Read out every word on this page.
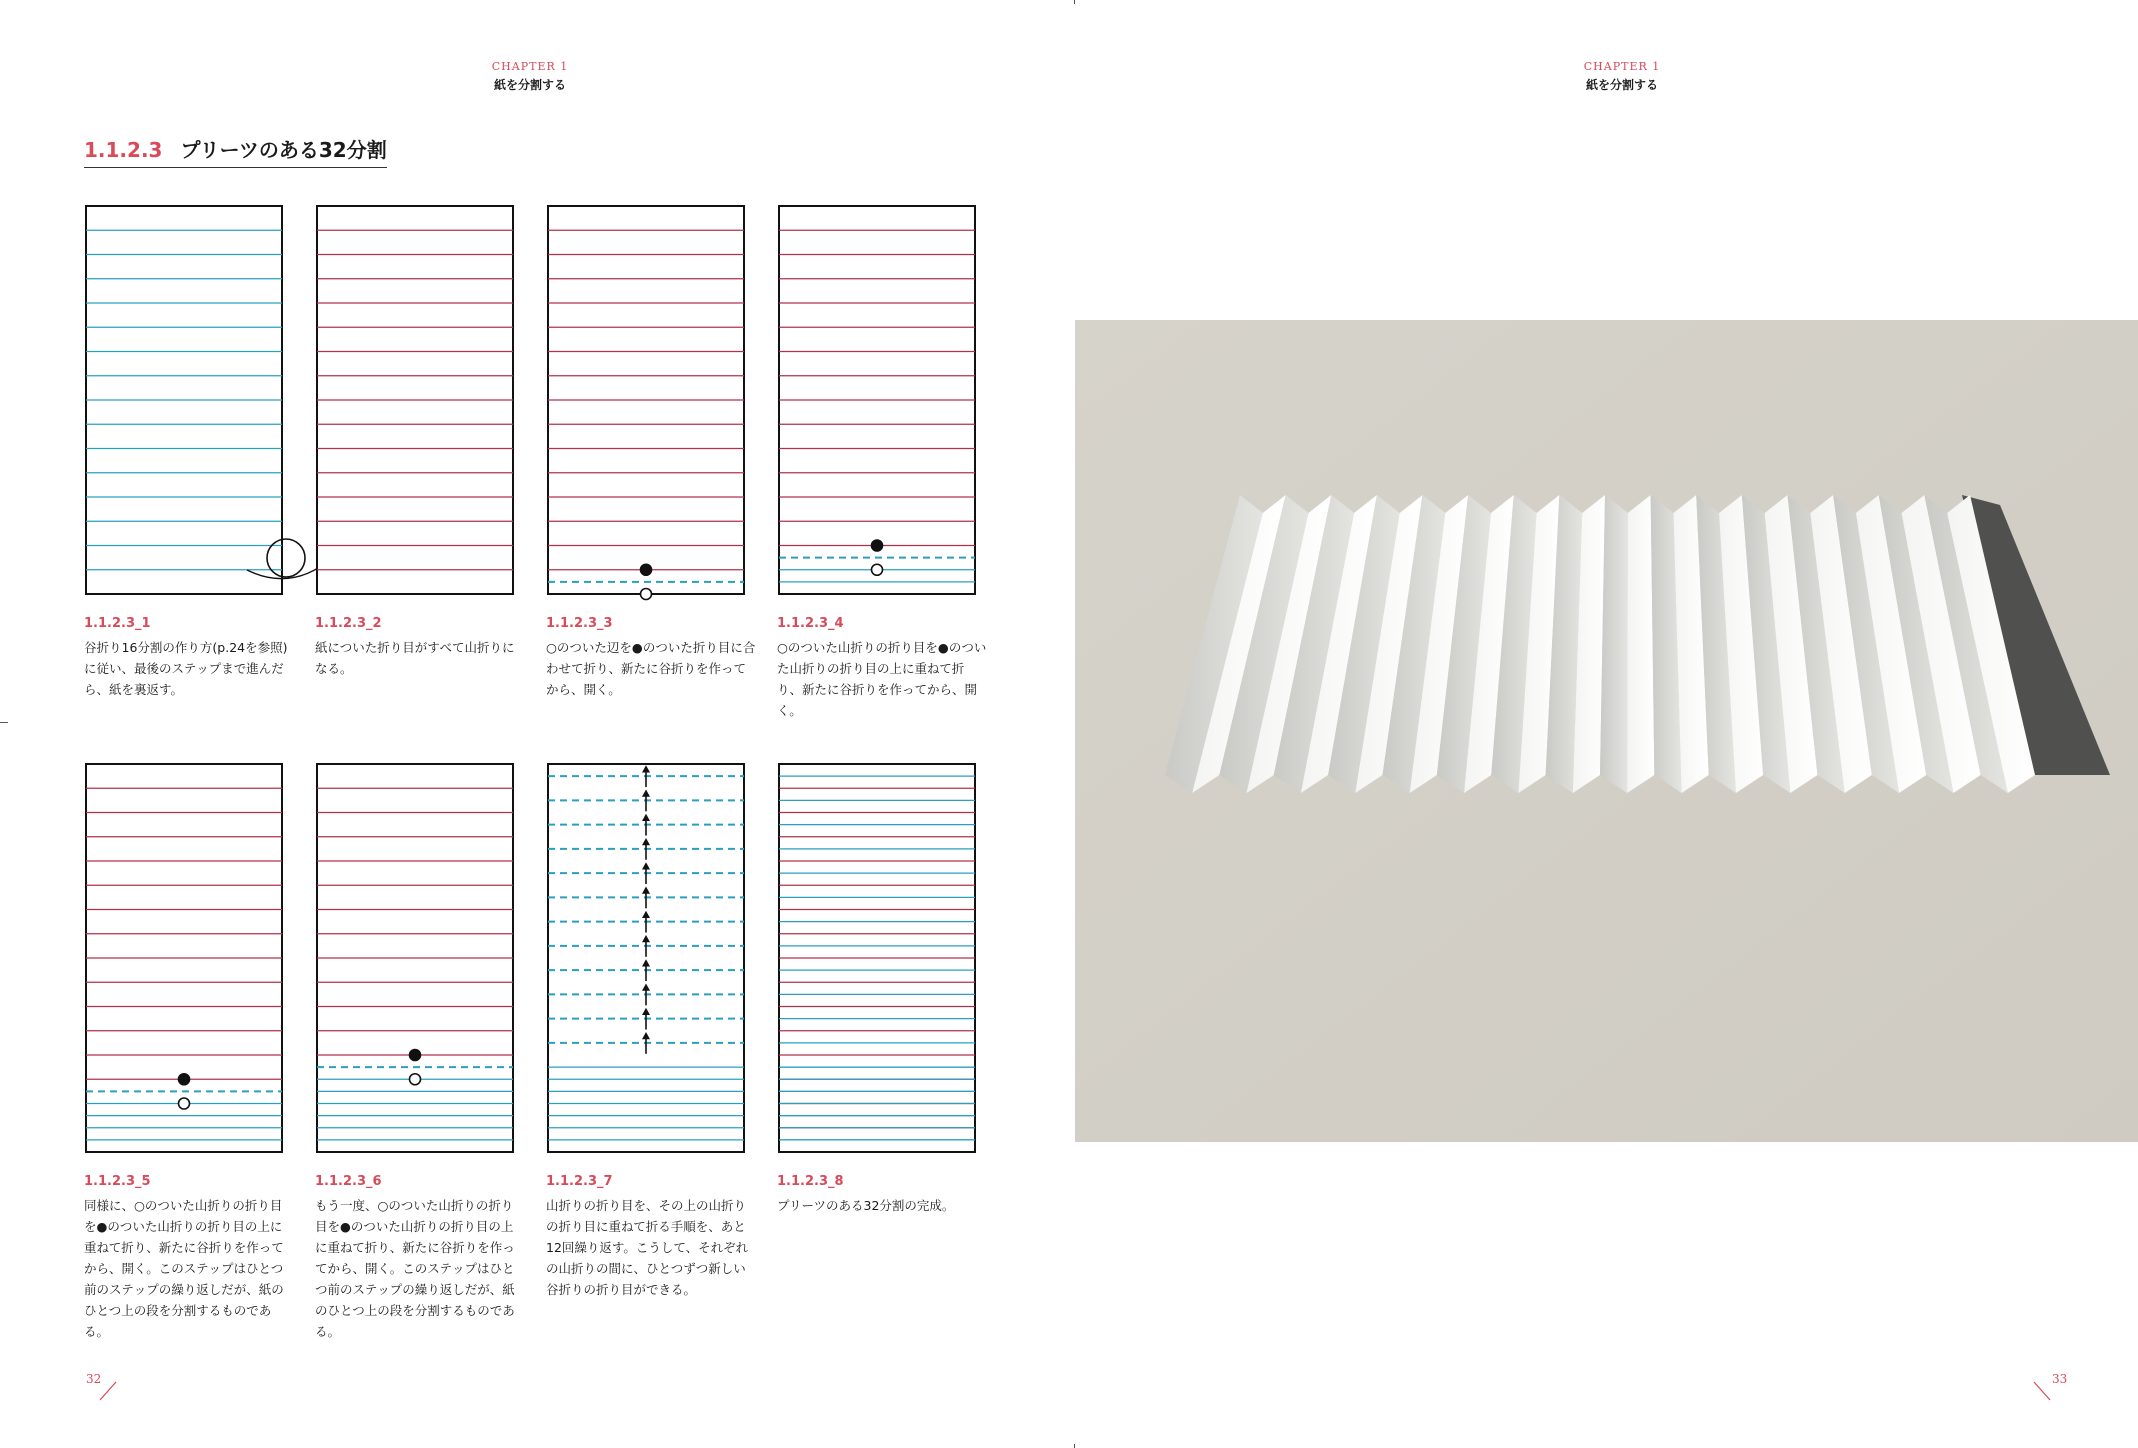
CHAPTER 1
紙を分割する
CHAPTER 1
紙を分割する
1.1.2.3 プリーツのある32分割
1.1.2.3_1
谷折り16分割の作り方(p.24を参照)に従い、最後のステップまで進んだら、紙を裏返す。
1.1.2.3_2
紙についた折り目がすべて山折りになる。
1.1.2.3_3
○のついた辺を●のついた折り目に合わせて折り、新たに谷折りを作ってから、開く。
1.1.2.3_4
○のついた山折りの折り目を●のついた山折りの折り目の上に重ねて折り、新たに谷折りを作ってから、開く。
1.1.2.3_5
同様に、○のついた山折りの折り目を●のついた山折りの折り目の上に重ねて折り、新たに谷折りを作ってから、開く。このステップはひとつ前のステップの繰り返しだが、紙のひとつ上の段を分割するものである。
1.1.2.3_6
もう一度、○のついた山折りの折り目を●のついた山折りの折り目の上に重ねて折り、新たに谷折りを作ってから、開く。このステップはひとつ前のステップの繰り返しだが、紙のひとつ上の段を分割するものである。
1.1.2.3_7
山折りの折り目を、その上の山折りの折り目に重ねて折る手順を、あと12回繰り返す。こうして、それぞれの山折りの間に、ひとつずつ新しい谷折りの折り目ができる。
1.1.2.3_8
プリーツのある32分割の完成。
32	33
